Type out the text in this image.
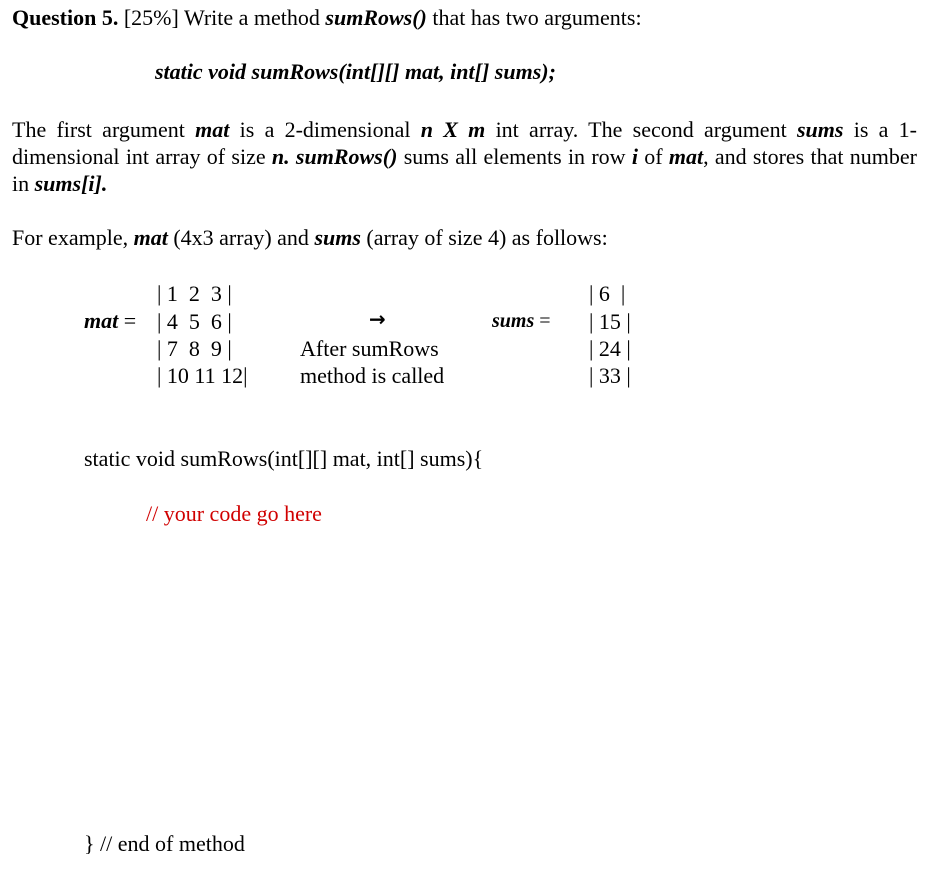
Question 5. [25%] Write a method sumRows() that has two arguments:
static void sumRows(int[][] mat, int[] sums);
The first argument mat is a 2-dimensional n X m int array. The second argument sums is a 1-dimensional int array of size n. sumRows() sums all elements in row i of mat, and stores that number in sums[i].
For example, mat (4x3 array) and sums (array of size 4) as follows:
mat =
| 1  2  3 |
| 4  5  6 |
| 7  8  9 |
| 10 11 12|
→
After sumRows
method is called
sums =
| 6  |
| 15 |
| 24 |
| 33 |
static void sumRows(int[][] mat, int[] sums){
// your code go here
} // end of method
